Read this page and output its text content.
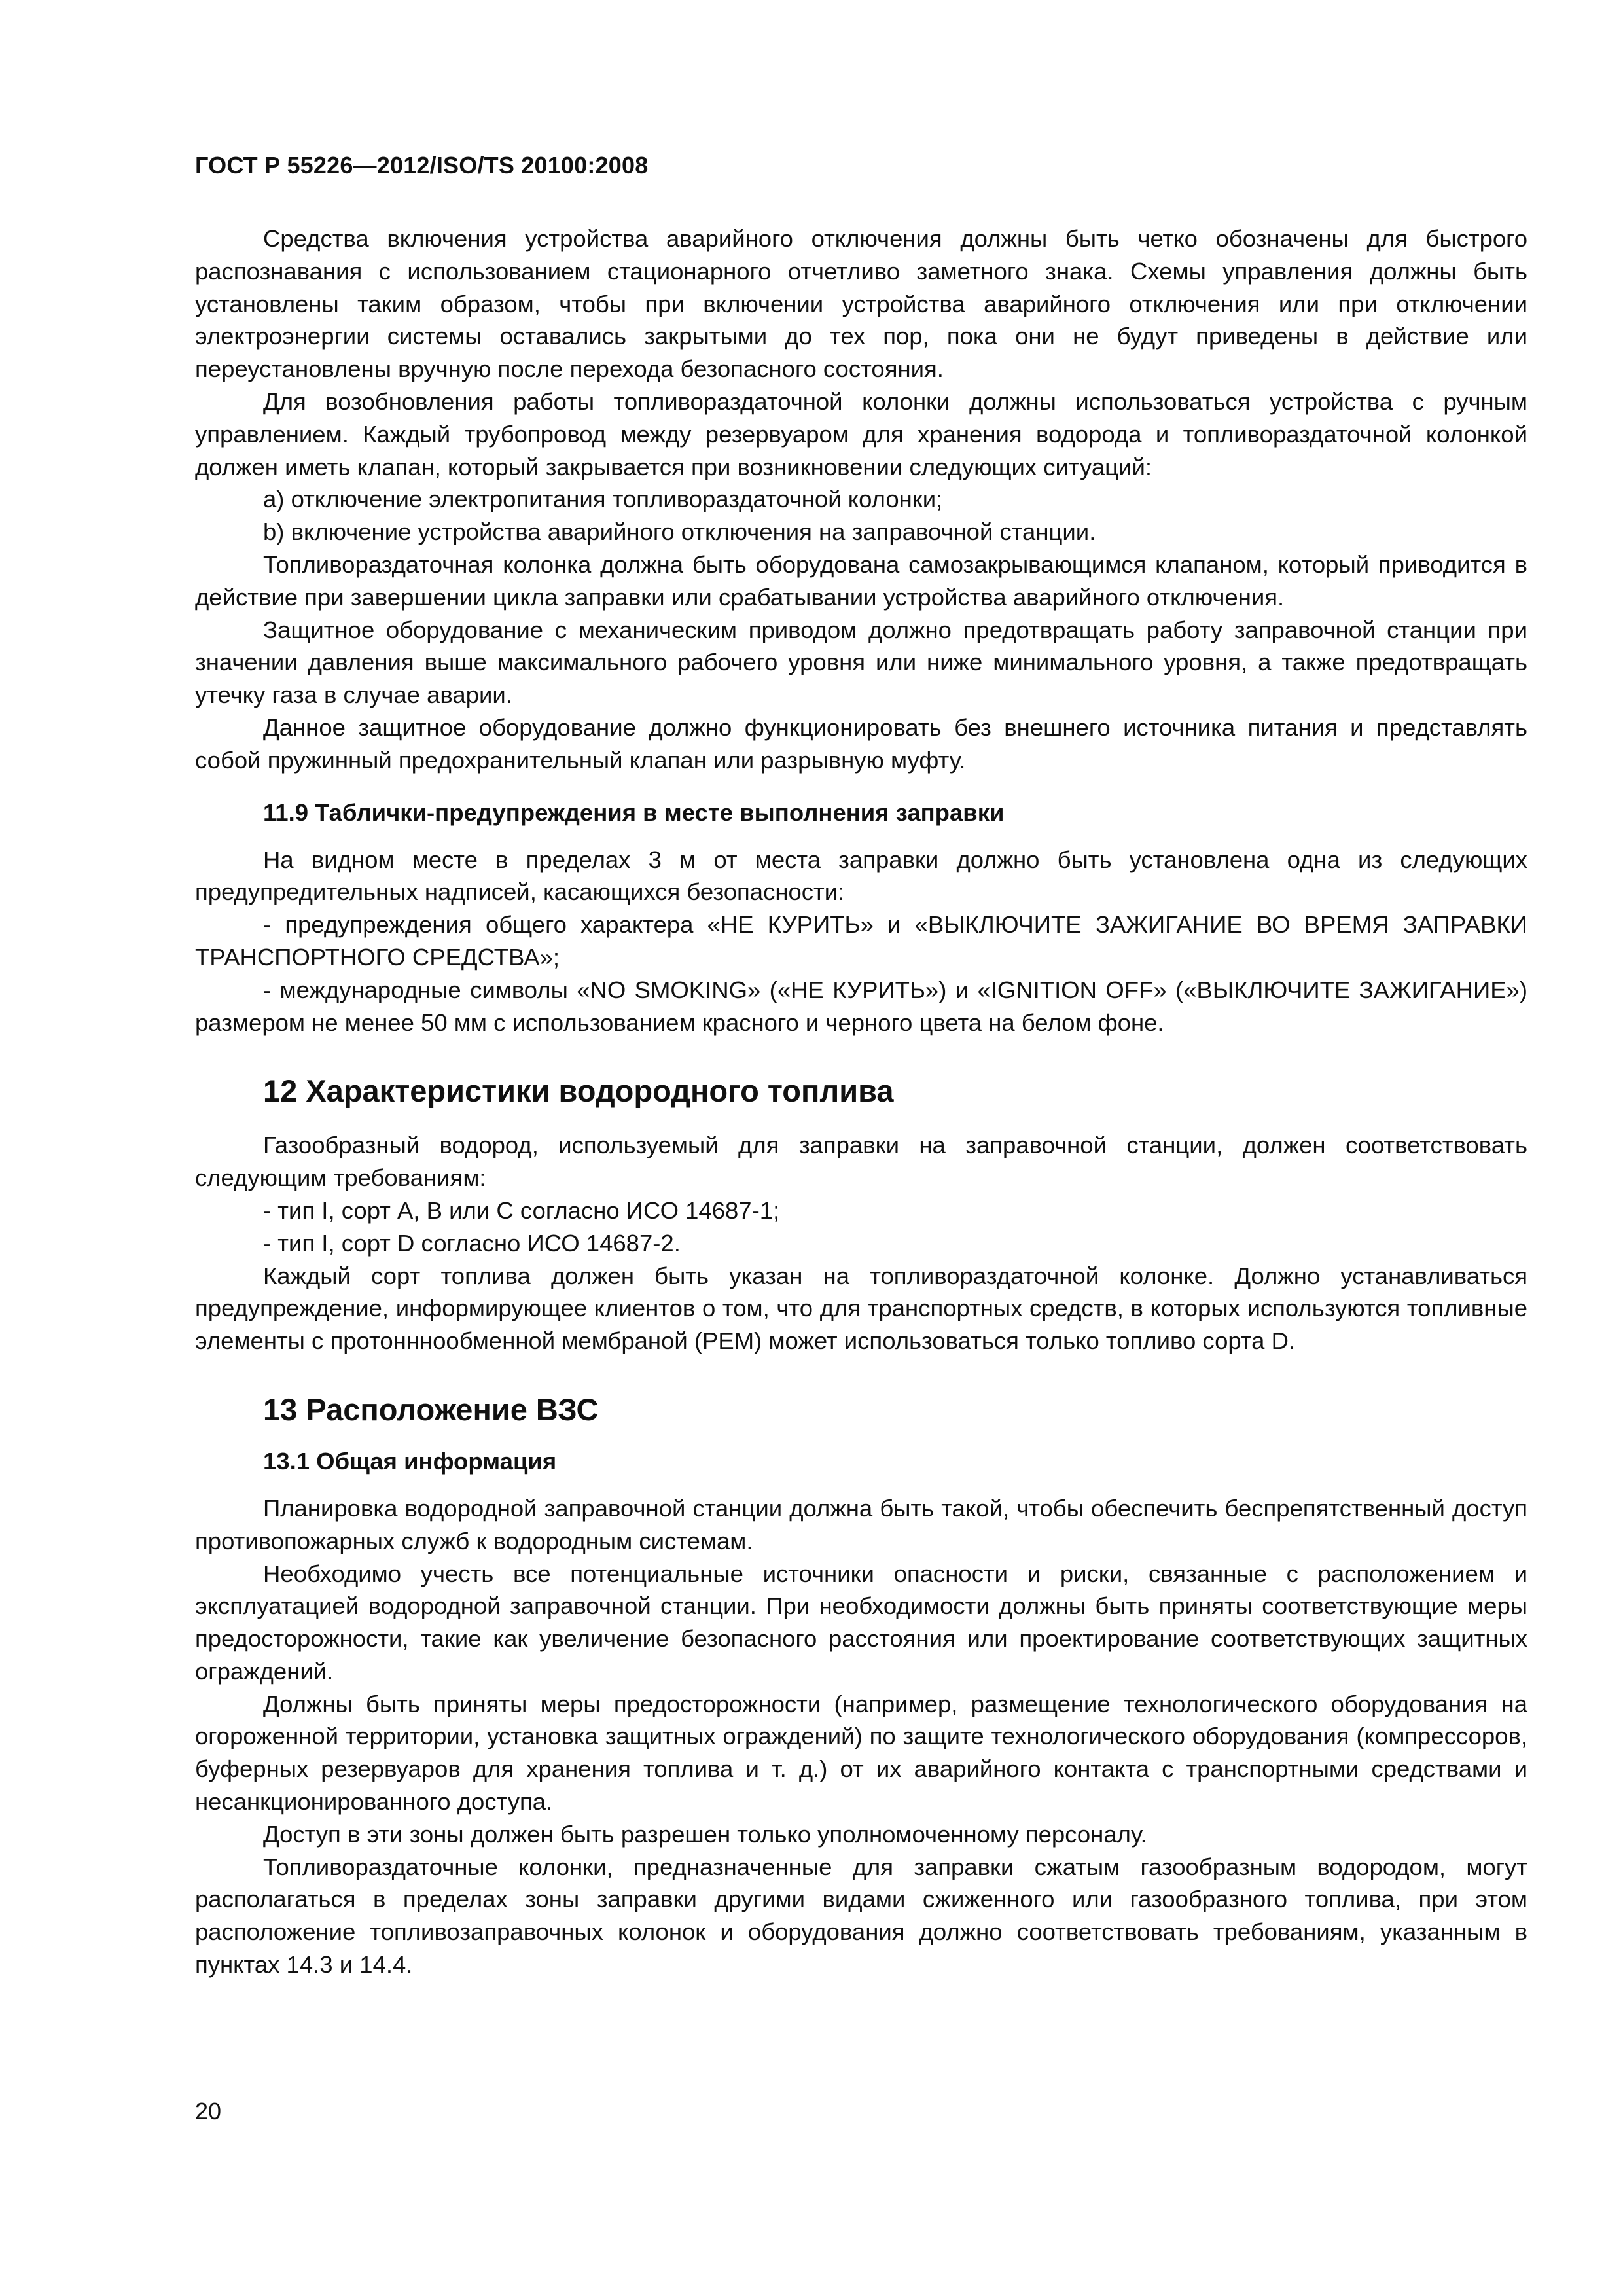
ГОСТ Р 55226—2012/ISO/TS 20100:2008

Средства включения устройства аварийного отключения должны быть четко обозначены для быстрого распознавания с использованием стационарного отчетливо заметного знака. Схемы управления должны быть установлены таким образом, чтобы при включении устройства аварийного отключения или при отключении электроэнергии системы оставались закрытыми до тех пор, пока они не будут приведены в действие или переустановлены вручную после перехода безопасного состояния.

Для возобновления работы топливораздаточной колонки должны использоваться устройства с ручным управлением. Каждый трубопровод между резервуаром для хранения водорода и топливораздаточной колонкой должен иметь клапан, который закрывается при возникновении следующих ситуаций:

a) отключение электропитания топливораздаточной колонки;

b) включение устройства аварийного отключения на заправочной станции.

Топливораздаточная колонка должна быть оборудована самозакрывающимся клапаном, который приводится в действие при завершении цикла заправки или срабатывании устройства аварийного отключения.

Защитное оборудование с механическим приводом должно предотвращать работу заправочной станции при значении давления выше максимального рабочего уровня или ниже минимального уровня, а также предотвращать утечку газа в случае аварии.

Данное защитное оборудование должно функционировать без внешнего источника питания и представлять собой пружинный предохранительный клапан или разрывную муфту.

11.9 Таблички-предупреждения в месте выполнения заправки

На видном месте в пределах 3 м от места заправки должно быть установлена одна из следующих предупредительных надписей, касающихся безопасности:

- предупреждения общего характера «НЕ КУРИТЬ» и «ВЫКЛЮЧИТЕ ЗАЖИГАНИЕ ВО ВРЕМЯ ЗАПРАВКИ ТРАНСПОРТНОГО СРЕДСТВА»;

- международные символы «NO SMOKING» («НЕ КУРИТЬ») и «IGNITION OFF» («ВЫКЛЮЧИТЕ ЗАЖИГАНИЕ») размером не менее 50 мм с использованием красного и черного цвета на белом фоне.

12 Характеристики водородного топлива

Газообразный водород, используемый для заправки на заправочной станции, должен соответствовать следующим требованиям:

- тип I, сорт A, B или C согласно ИСО 14687-1;

- тип I, сорт D согласно ИСО 14687-2.

Каждый сорт топлива должен быть указан на топливораздаточной колонке. Должно устанавливаться предупреждение, информирующее клиентов о том, что для транспортных средств, в которых используются топливные элементы с протонннообменной мембраной (PEM) может использоваться только топливо сорта D.

13 Расположение ВЗС
13.1 Общая информация

Планировка водородной заправочной станции должна быть такой, чтобы обеспечить беспрепятственный доступ противопожарных служб к водородным системам.

Необходимо учесть все потенциальные источники опасности и риски, связанные с расположением и эксплуатацией водородной заправочной станции. При необходимости должны быть приняты соответствующие меры предосторожности, такие как увеличение безопасного расстояния или проектирование соответствующих защитных ограждений.

Должны быть приняты меры предосторожности (например, размещение технологического оборудования на огороженной территории, установка защитных ограждений) по защите технологического оборудования (компрессоров, буферных резервуаров для хранения топлива и т. д.) от их аварийного контакта с транспортными средствами и несанкционированного доступа.

Доступ в эти зоны должен быть разрешен только уполномоченному персоналу.

Топливораздаточные колонки, предназначенные для заправки сжатым газообразным водородом, могут располагаться в пределах зоны заправки другими видами сжиженного или газообразного топлива, при этом расположение топливозаправочных колонок и оборудования должно соответствовать требованиям, указанным в пунктах 14.3 и 14.4.

20
